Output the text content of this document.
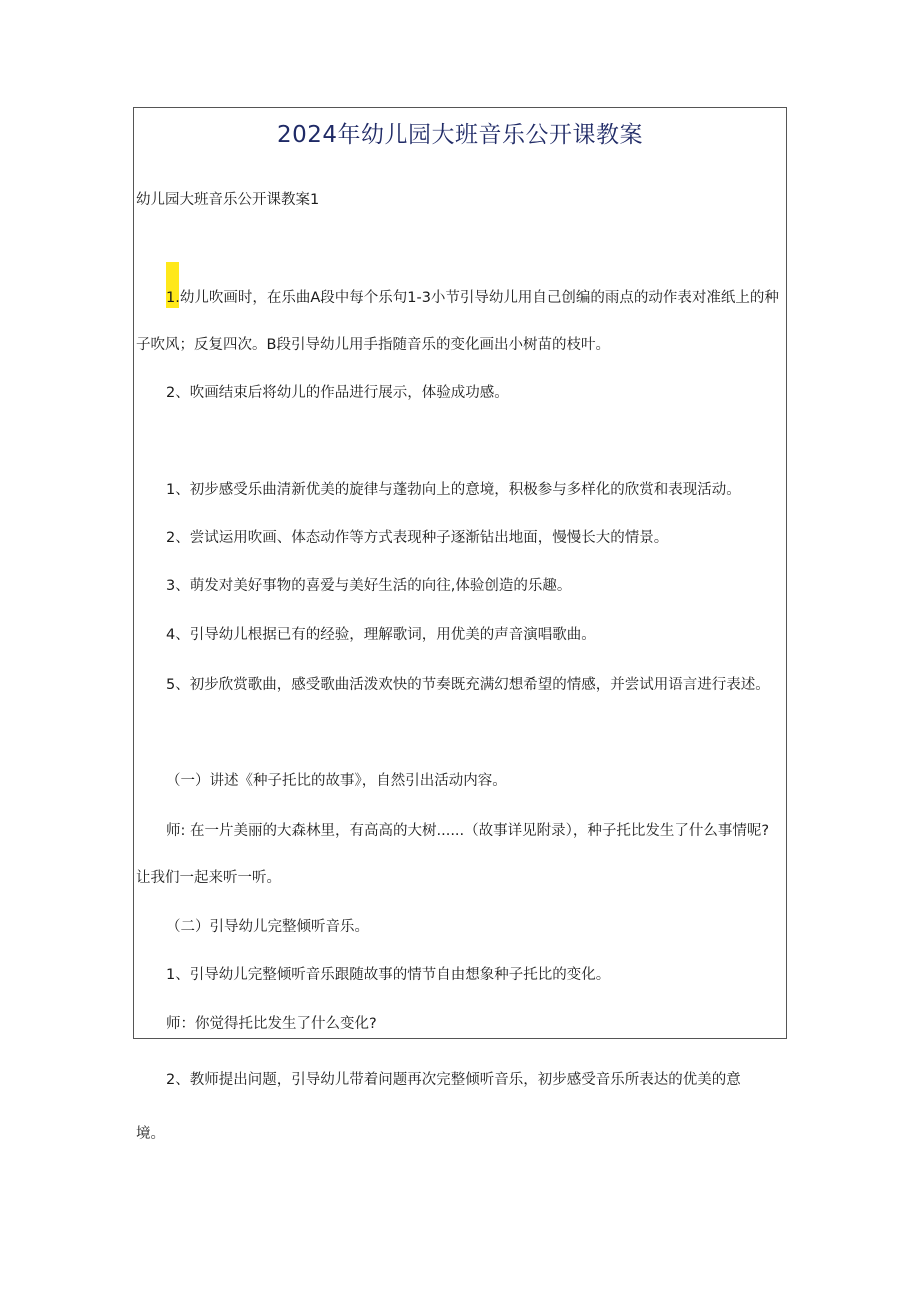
2024年幼儿园大班音乐公开课教案
幼儿园大班音乐公开课教案1
1.幼儿吹画时，在乐曲A段中每个乐句1-3小节引导幼儿用自己创编的雨点的动作表对准纸上的种
子吹风；反复四次。B段引导幼儿用手指随音乐的变化画出小树苗的枝叶。
2、吹画结束后将幼儿的作品进行展示，体验成功感。
1、初步感受乐曲清新优美的旋律与蓬勃向上的意境，积极参与多样化的欣赏和表现活动。
2、尝试运用吹画、体态动作等方式表现种子逐渐钻出地面，慢慢长大的情景。
3、萌发对美好事物的喜爱与美好生活的向往,体验创造的乐趣。
4、引导幼儿根据已有的经验，理解歌词，用优美的声音演唱歌曲。
5、初步欣赏歌曲，感受歌曲活泼欢快的节奏既充满幻想希望的情感，并尝试用语言进行表述。
（一）讲述《种子托比的故事》，自然引出活动内容。
师: 在一片美丽的大森林里，有高高的大树......（故事详见附录），种子托比发生了什么事情呢?
让我们一起来听一听。
（二）引导幼儿完整倾听音乐。
1、引导幼儿完整倾听音乐跟随故事的情节自由想象种子托比的变化。
师：你觉得托比发生了什么变化?
2、教师提出问题，引导幼儿带着问题再次完整倾听音乐，初步感受音乐所表达的优美的意
境。
